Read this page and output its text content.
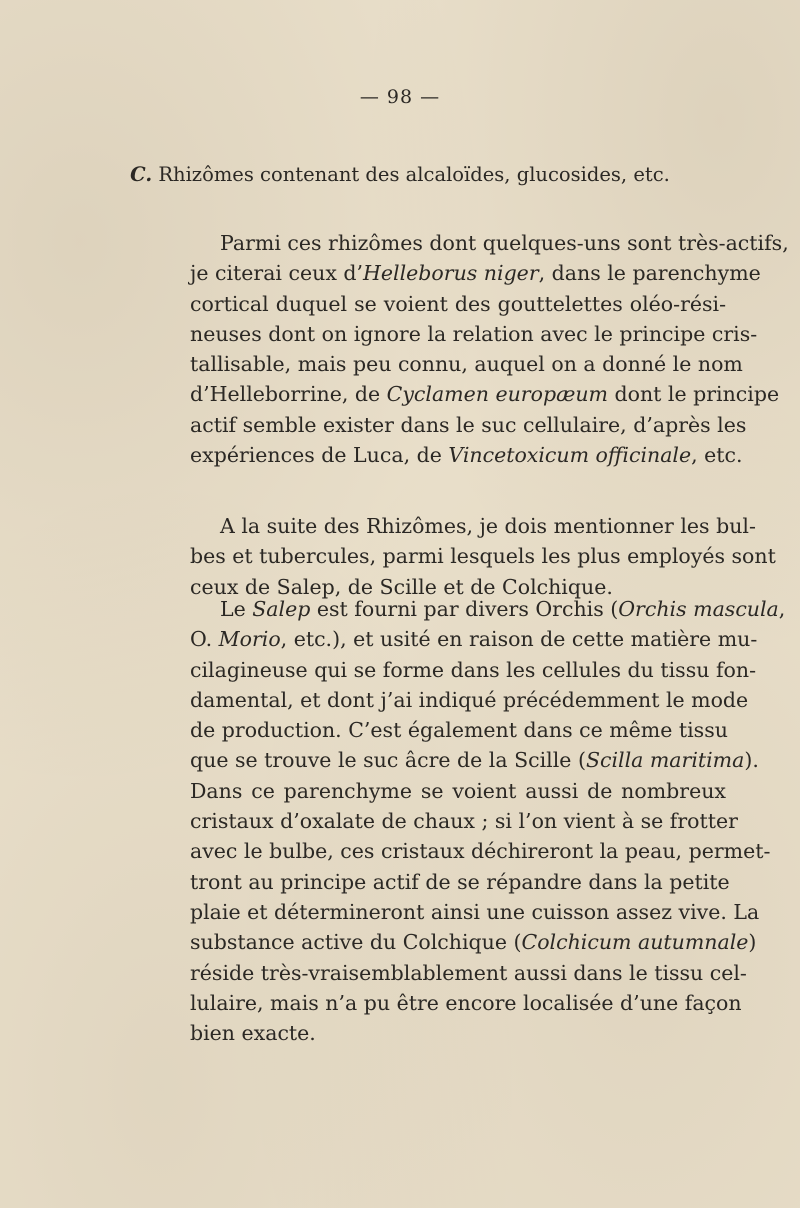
— 98 —
C. Rhizômes contenant des alcaloïdes, glucosides, etc.
Parmi ces rhizômes dont quelques-uns sont très-actifs,
je citerai ceux d’Helleborus niger, dans le parenchyme
cortical duquel se voient des gouttelettes oléo-rési-
neuses dont on ignore la relation avec le principe cris-
tallisable, mais peu connu, auquel on a donné le nom
d’Helleborrine, de Cyclamen europæum dont le principe
actif semble exister dans le suc cellulaire, d’après les
expériences de Luca, de Vincetoxicum officinale, etc.
A la suite des Rhizômes, je dois mentionner les bul-
bes et tubercules, parmi lesquels les plus employés sont
ceux de Salep, de Scille et de Colchique.
Le Salep est fourni par divers Orchis (Orchis mascula,
O. Morio, etc.), et usité en raison de cette matière mu-
cilagineuse qui se forme dans les cellules du tissu fon-
damental, et dont j’ai indiqué précédemment le mode
de production. C’est également dans ce même tissu
que se trouve le suc âcre de la Scille (Scilla maritima).
Dans ce parenchyme se voient aussi de nombreux
cristaux d’oxalate de chaux ; si l’on vient à se frotter
avec le bulbe, ces cristaux déchireront la peau, permet-
tront au principe actif de se répandre dans la petite
plaie et détermineront ainsi une cuisson assez vive. La
substance active du Colchique (Colchicum autumnale)
réside très-vraisemblablement aussi dans le tissu cel-
lulaire, mais n’a pu être encore localisée d’une façon
bien exacte.
